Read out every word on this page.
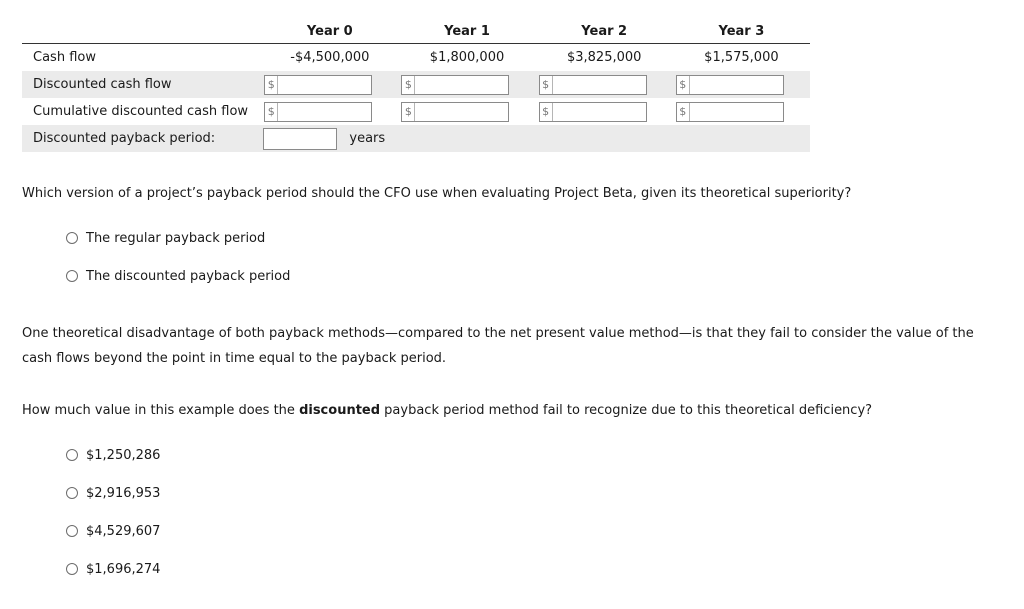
	Year 0	Year 1	Year 2	Year 3
Cash flow	-$4,500,000	$1,800,000	$3,825,000	$1,575,000
Discounted cash flow	$	$	$	$

Cumulative discounted cash flow	$	$	$	$

Discounted payback period:	years			

Which version of a project’s payback period should the CFO use when evaluating Project Beta, given its theoretical superiority?

The regular payback period
The discounted payback period

One theoretical disadvantage of both payback methods—compared to the net present value method—is that they fail to consider the value of the cash flows beyond the point in time equal to the payback period.

How much value in this example does the discounted payback period method fail to recognize due to this theoretical deficiency?

$1,250,286
$2,916,953
$4,529,607
$1,696,274
